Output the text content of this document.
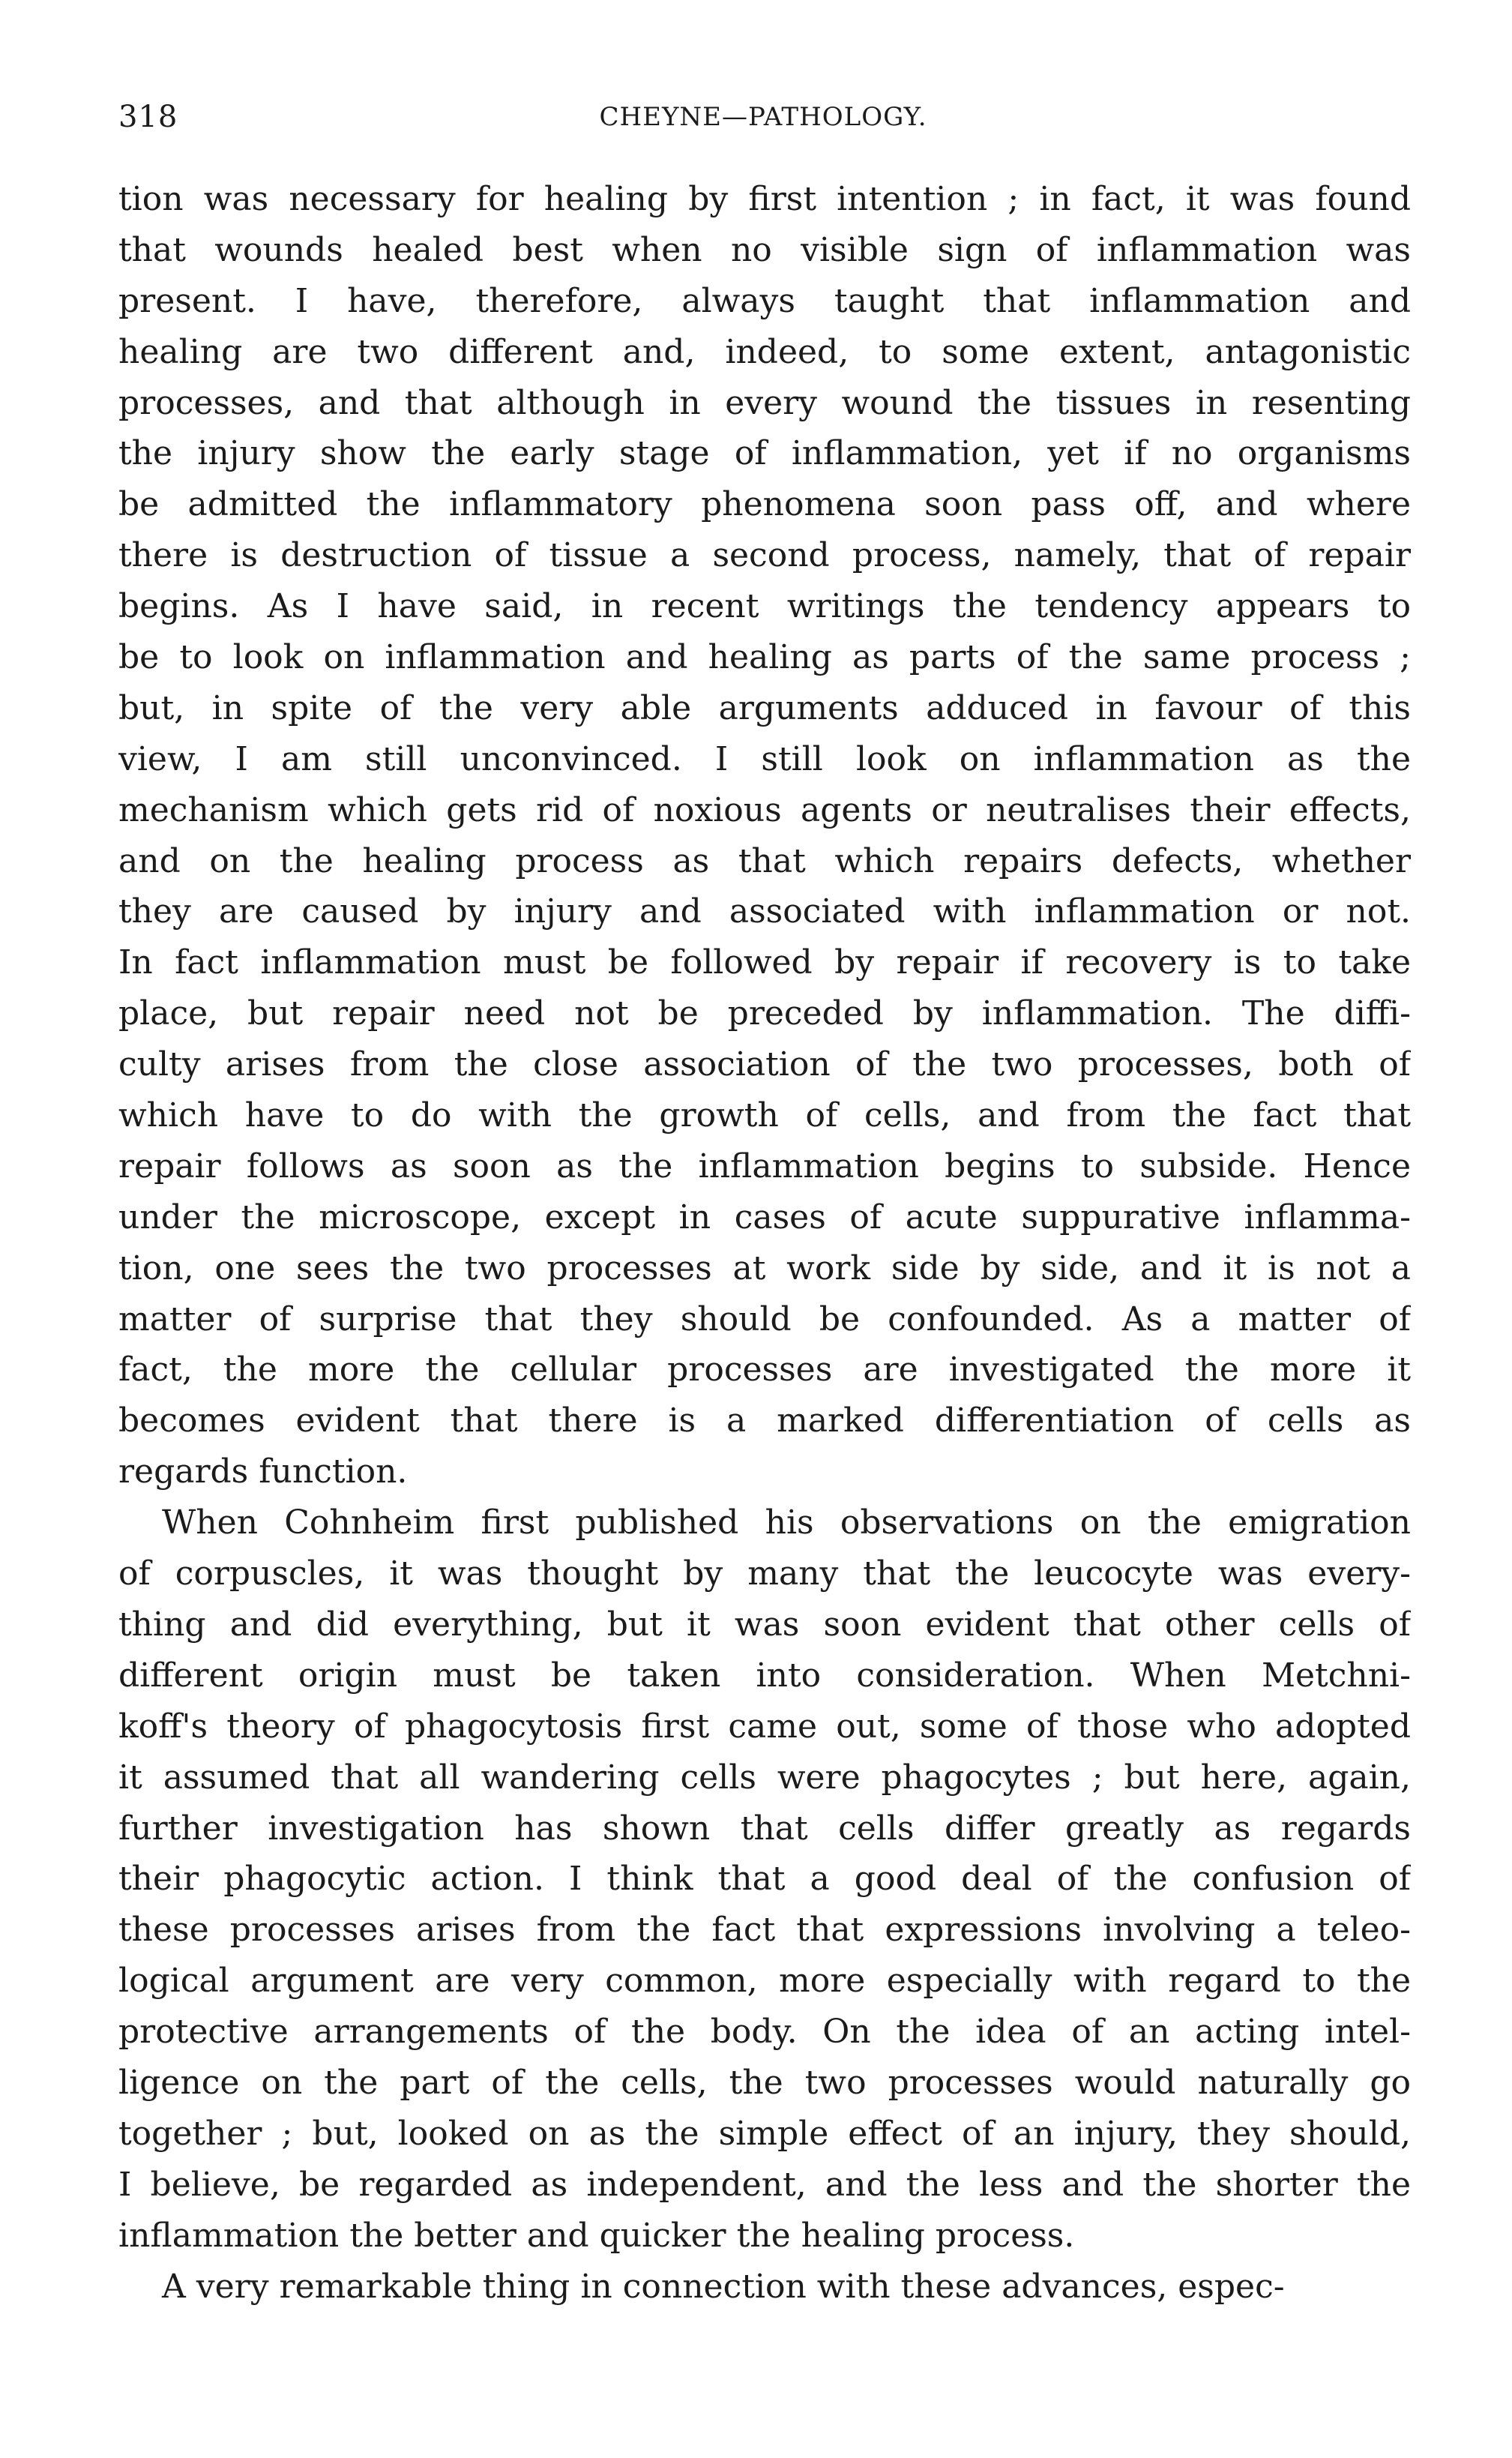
318	CHEYNE—PATHOLOGY.
tion was necessary for healing by first intention ; in fact, it was found
that wounds healed best when no visible sign of inflammation was
present. I have, therefore, always taught that inflammation and
healing are two different and, indeed, to some extent, antagonistic
processes, and that although in every wound the tissues in resenting
the injury show the early stage of inflammation, yet if no organisms
be admitted the inflammatory phenomena soon pass off, and where
there is destruction of tissue a second process, namely, that of repair
begins. As I have said, in recent writings the tendency appears to
be to look on inflammation and healing as parts of the same process ;
but, in spite of the very able arguments adduced in favour of this
view, I am still unconvinced. I still look on inflammation as the
mechanism which gets rid of noxious agents or neutralises their effects,
and on the healing process as that which repairs defects, whether
they are caused by injury and associated with inflammation or not.
In fact inflammation must be followed by repair if recovery is to take
place, but repair need not be preceded by inflammation. The diffi-
culty arises from the close association of the two processes, both of
which have to do with the growth of cells, and from the fact that
repair follows as soon as the inflammation begins to subside. Hence
under the microscope, except in cases of acute suppurative inflamma-
tion, one sees the two processes at work side by side, and it is not a
matter of surprise that they should be confounded. As a matter of
fact, the more the cellular processes are investigated the more it
becomes evident that there is a marked differentiation of cells as
regards function.
When Cohnheim first published his observations on the emigration
of corpuscles, it was thought by many that the leucocyte was every-
thing and did everything, but it was soon evident that other cells of
different origin must be taken into consideration. When Metchni-
koff's theory of phagocytosis first came out, some of those who adopted
it assumed that all wandering cells were phagocytes ; but here, again,
further investigation has shown that cells differ greatly as regards
their phagocytic action. I think that a good deal of the confusion of
these processes arises from the fact that expressions involving a teleo-
logical argument are very common, more especially with regard to the
protective arrangements of the body. On the idea of an acting intel-
ligence on the part of the cells, the two processes would naturally go
together ; but, looked on as the simple effect of an injury, they should,
I believe, be regarded as independent, and the less and the shorter the
inflammation the better and quicker the healing process.
A very remarkable thing in connection with these advances, espec-
